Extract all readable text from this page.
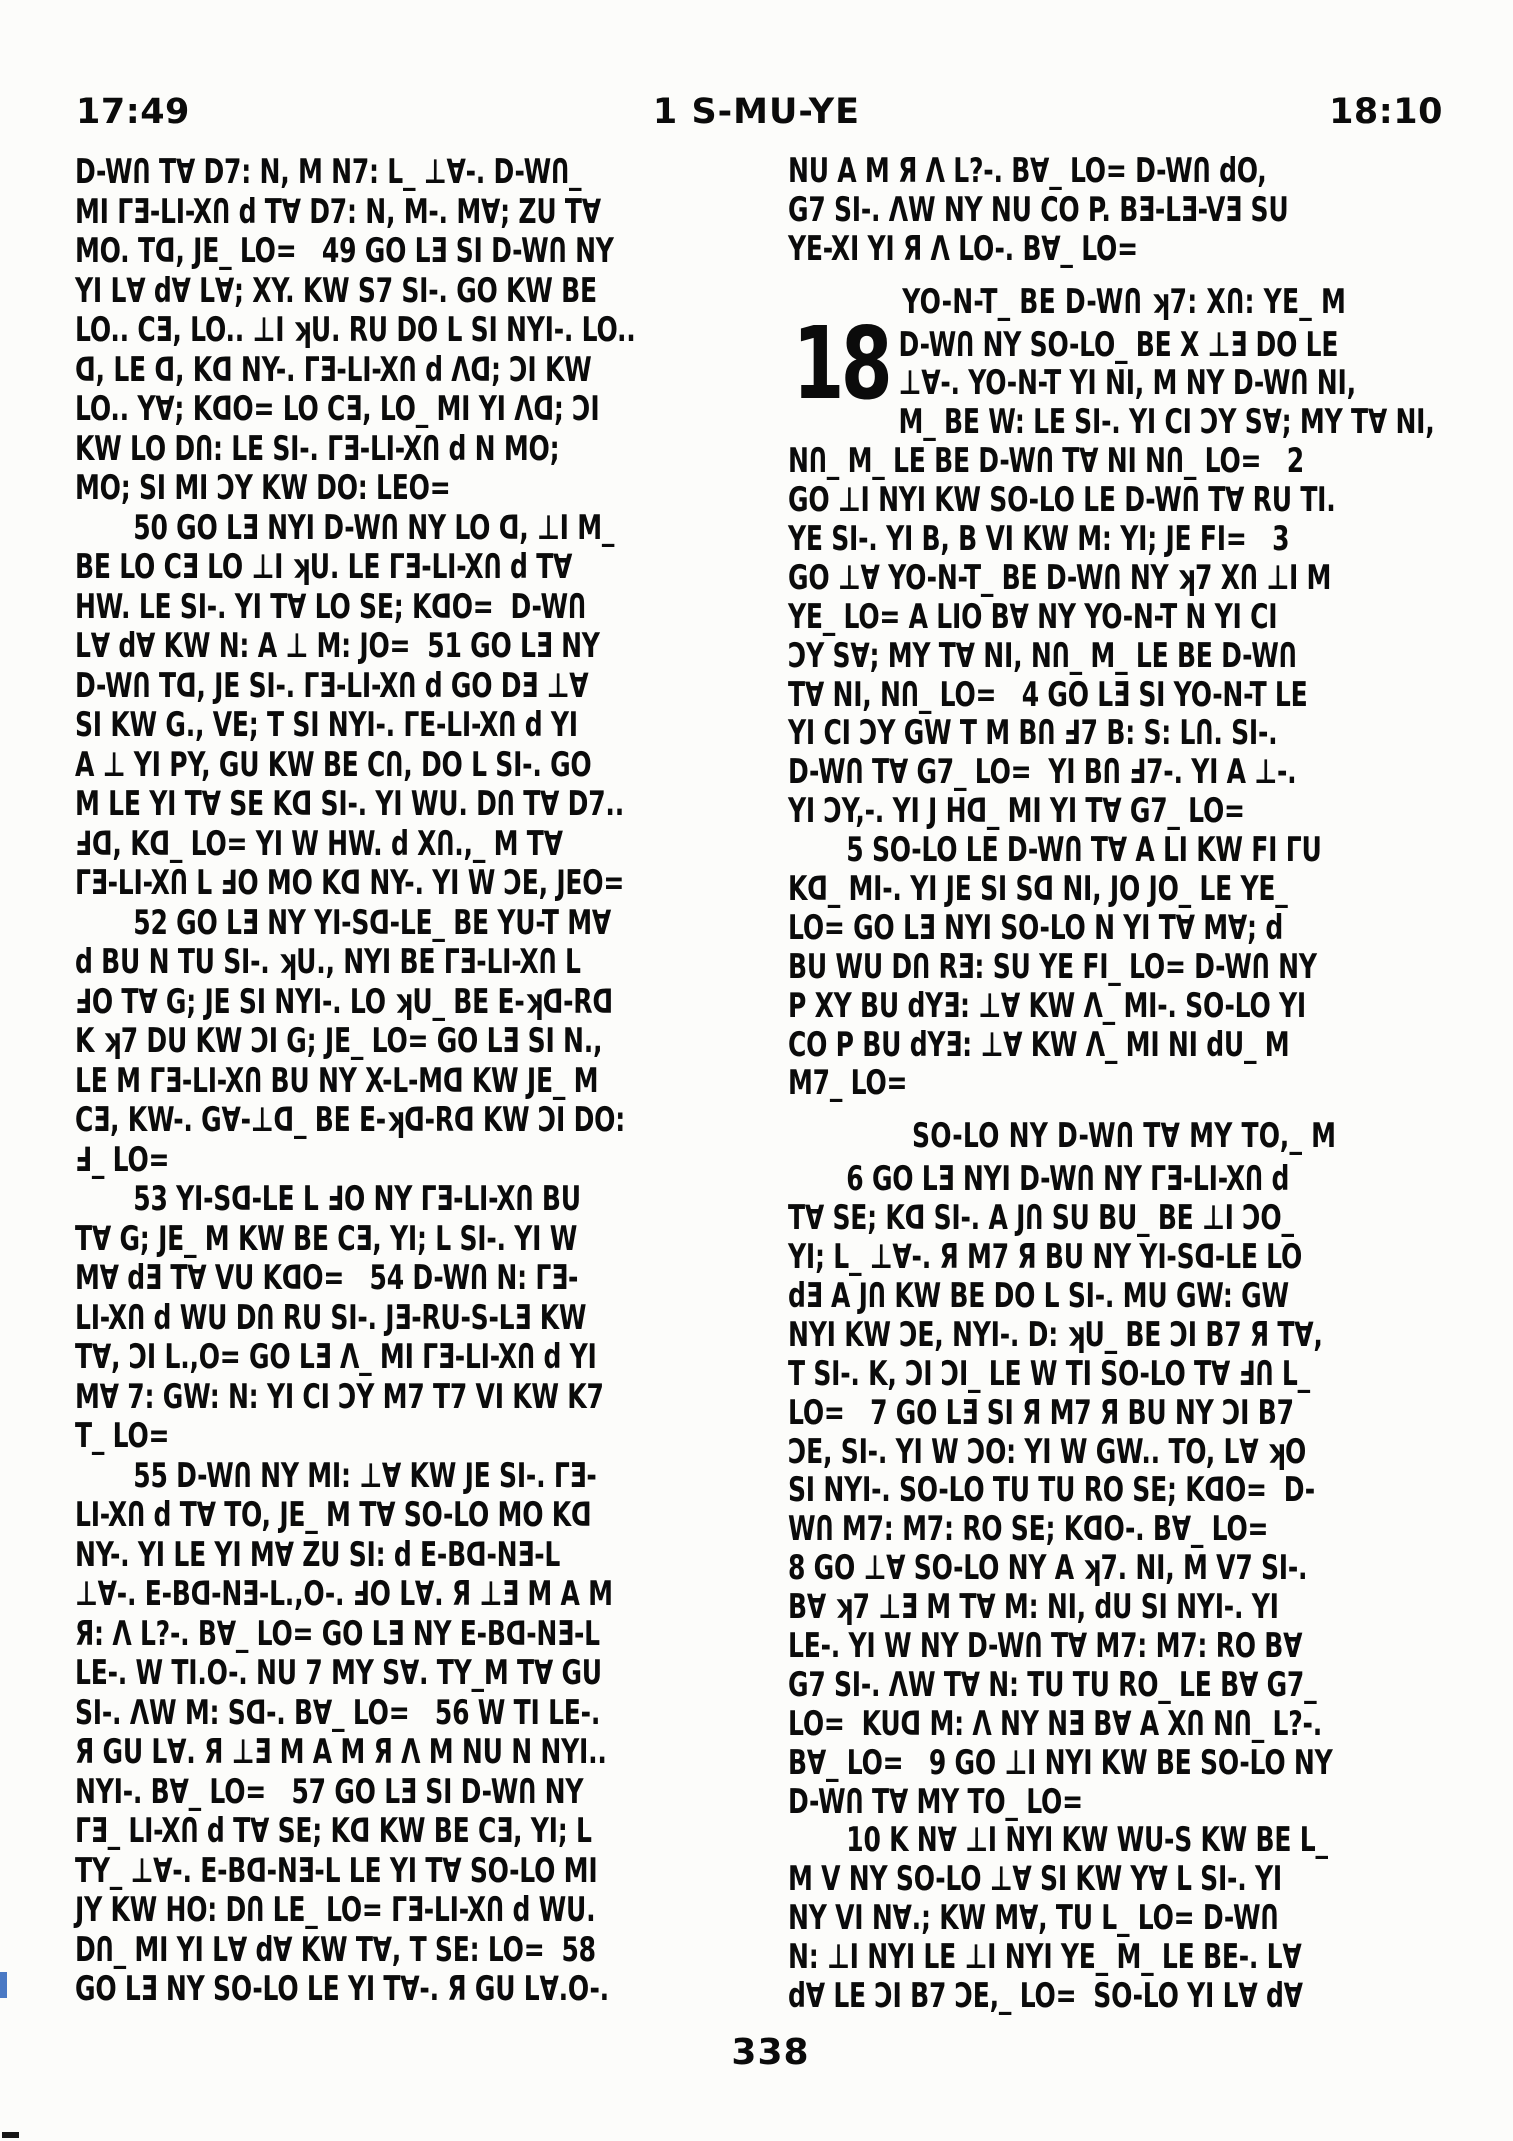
17:49	1 S-MU-YE	18:10
D-WՈ T∀ D7: N, M N7: L_ ⊥∀-. D-WՈ_
MI ΓƎ-LI-XՈ d T∀ D7: N, M-. M∀; ZU T∀
MO. Tᗡ, JE_ LO=   49 GO LƎ SI D-WՈ NY
YI L∀ d∀ L∀; XY. KW S7 SI-. GO KW BE
LO.. CƎ, LO.. ⊥I ʞU. RU DO L SI NYI-. LO..
ᗡ, LE ᗡ, Kᗡ NY-. ΓƎ-LI-XՈ d Λᗡ; ƆI KW
LO.. Y∀; KᗡO= LO CƎ, LO_ MI YI Λᗡ; ƆI
KW LO DՈ: LE SI-. ΓƎ-LI-XՈ d N MO;
MO; SI MI ƆY KW DO: LEO=
50 GO LƎ NYI D-WՈ NY LO ᗡ, ⊥I M_
BE LO CƎ LO ⊥I ʞU. LE ΓƎ-LI-XՈ d T∀
HW. LE SI-. YI T∀ LO SE; KᗡO=  D-WՈ
L∀ d∀ KW N: A ⊥ M: JO=  51 GO LƎ NY
D-WՈ Tᗡ, JE SI-. ΓƎ-LI-XՈ d GO DƎ ⊥∀
SI KW G., VE; T SI NYI-. ΓE-LI-XՈ d YI
A ⊥ YI PY, GU KW BE CՈ, DO L SI-. GO
M LE YI T∀ SE Kᗡ SI-. YI WU. DՈ T∀ D7..
Ⅎᗡ, Kᗡ_ LO= YI W HW. d XՈ.,_ M T∀
ΓƎ-LI-XՈ L ℲO MO Kᗡ NY-. YI W ƆE, JEO=
52 GO LƎ NY YI-Sᗡ-LE_ BE YU-T M∀
d BU N TU SI-. ʞU., NYI BE ΓƎ-LI-XՈ L
ℲO T∀ G; JE SI NYI-. LO ʞU_ BE E-ʞᗡ-Rᗡ
K ʞ7 DU KW ƆI G; JE_ LO= GO LƎ SI N.,
LE M ΓƎ-LI-XՈ BU NY X-L-Mᗡ KW JE_ M
CƎ, KW-. G∀-⊥ᗡ_ BE E-ʞᗡ-Rᗡ KW ƆI DO:
Ⅎ_ LO=
53 YI-Sᗡ-LE L ℲO NY ΓƎ-LI-XՈ BU
T∀ G; JE_ M KW BE CƎ, YI; L SI-. YI W
M∀ dƎ T∀ VU KᗡO=   54 D-WՈ N: ΓƎ-
LI-XՈ d WU DՈ RU SI-. JƎ-RU-S-LƎ KW
T∀, ƆI L.,O= GO LƎ Λ_ MI ΓƎ-LI-XՈ d YI
M∀ 7: GW: N: YI CI ƆY M7 T7 VI KW K7
T_ LO=
55 D-WՈ NY MI: ⊥∀ KW JE SI-. ΓƎ-
LI-XՈ d T∀ TO, JE_ M T∀ SO-LO MO Kᗡ
NY-. YI LE YI M∀ ZU SI: d E-Bᗡ-NƎ-L
⊥∀-. E-Bᗡ-NƎ-L.,O-. ℲO L∀. Я ⊥Ǝ M A M
Я: Λ L?-. B∀_ LO= GO LƎ NY E-Bᗡ-NƎ-L
LE-. W TI.O-. NU 7 MY S∀. TY_M T∀ GU
SI-. ΛW M: Sᗡ-. B∀_ LO=   56 W TI LE-.
Я GU L∀. Я ⊥Ǝ M A M Я Λ M NU N NYI..
NYI-. B∀_ LO=   57 GO LƎ SI D-WՈ NY
ΓƎ_ LI-XՈ d T∀ SE; Kᗡ KW BE CƎ, YI; L
TY_ ⊥∀-. E-Bᗡ-NƎ-L LE YI T∀ SO-LO MI
JY KW HO: DՈ LE_ LO= ΓƎ-LI-XՈ d WU.
DՈ_ MI YI L∀ d∀ KW T∀, T SE: LO=  58
GO LƎ NY SO-LO LE YI T∀-. Я GU L∀.O-.
NU A M Я Λ L?-. B∀_ LO= D-WՈ dO,
G7 SI-. ΛW NY NU CO P. BƎ-LƎ-VƎ SU
YE-XI YI Я Λ LO-. B∀_ LO=
YO-N-T_ BE D-WՈ ʞ7: XՈ: YE_ M
18 D-WՈ NY SO-LO_ BE X ⊥Ǝ DO LE
⊥∀-. YO-N-T YI NI, M NY D-WՈ NI,
M_ BE W: LE SI-. YI CI ƆY S∀; MY T∀ NI,
NՈ_ M_ LE BE D-WՈ T∀ NI NՈ_ LO=   2
GO ⊥I NYI KW SO-LO LE D-WՈ T∀ RU TI.
YE SI-. YI B, B VI KW M: YI; JE FI=   3
GO ⊥∀ YO-N-T_ BE D-WՈ NY ʞ7 XՈ ⊥I M
YE_ LO= A LIO B∀ NY YO-N-T N YI CI
ƆY S∀; MY T∀ NI, NՈ_ M_ LE BE D-WՈ
T∀ NI, NՈ_ LO=   4 GO LƎ SI YO-N-T LE
YI CI ƆY GW T M BՈ Ⅎ7 B: S: LՈ. SI-.
D-WՈ T∀ G7_ LO=  YI BՈ Ⅎ7-. YI A ⊥-.
YI ƆY,-. YI J Hᗡ_ MI YI T∀ G7_ LO=
5 SO-LO LE D-WՈ T∀ A LI KW FI ΓU
Kᗡ_ MI-. YI JE SI Sᗡ NI, JO JO_ LE YE_
LO= GO LƎ NYI SO-LO N YI T∀ M∀; d
BU WU DՈ RƎ: SU YE FI_ LO= D-WՈ NY
P XY BU dYƎ: ⊥∀ KW Λ_ MI-. SO-LO YI
CO P BU dYƎ: ⊥∀ KW Λ_ MI NI dU_ M
M7_ LO=
SO-LO NY D-WՈ T∀ MY TO,_ M
6 GO LƎ NYI D-WՈ NY ΓƎ-LI-XՈ d
T∀ SE; Kᗡ SI-. A JՈ SU BU_ BE ⊥I ƆO_
YI; L_ ⊥∀-. Я M7 Я BU NY YI-Sᗡ-LE LO
dƎ A JՈ KW BE DO L SI-. MU GW: GW
NYI KW ƆE, NYI-. D: ʞU_ BE ƆI B7 Я T∀,
T SI-. K, ƆI ƆI_ LE W TI SO-LO T∀ ℲՈ L_
LO=   7 GO LƎ SI Я M7 Я BU NY ƆI B7
ƆE, SI-. YI W ƆO: YI W GW.. TO, L∀ ʞO
SI NYI-. SO-LO TU TU RO SE; KᗡO=  D-
WՈ M7: M7: RO SE; KᗡO-. B∀_ LO=
8 GO ⊥∀ SO-LO NY A ʞ7. NI, M V7 SI-.
B∀ ʞ7 ⊥Ǝ M T∀ M: NI, dU SI NYI-. YI
LE-. YI W NY D-WՈ T∀ M7: M7: RO B∀
G7 SI-. ΛW T∀ N: TU TU RO_ LE B∀ G7_
LO=  KUᗡ M: Λ NY NƎ B∀ A XՈ NՈ_ L?-.
B∀_ LO=   9 GO ⊥I NYI KW BE SO-LO NY
D-WՈ T∀ MY TO_ LO=
10 K N∀ ⊥I NYI KW WU-S KW BE L_
M V NY SO-LO ⊥∀ SI KW Y∀ L SI-. YI
NY VI N∀.; KW M∀, TU L_ LO= D-WՈ
N: ⊥I NYI LE ⊥I NYI YE_ M_ LE BE-. L∀
d∀ LE ƆI B7 ƆE,_ LO=  SO-LO YI L∀ d∀
338
